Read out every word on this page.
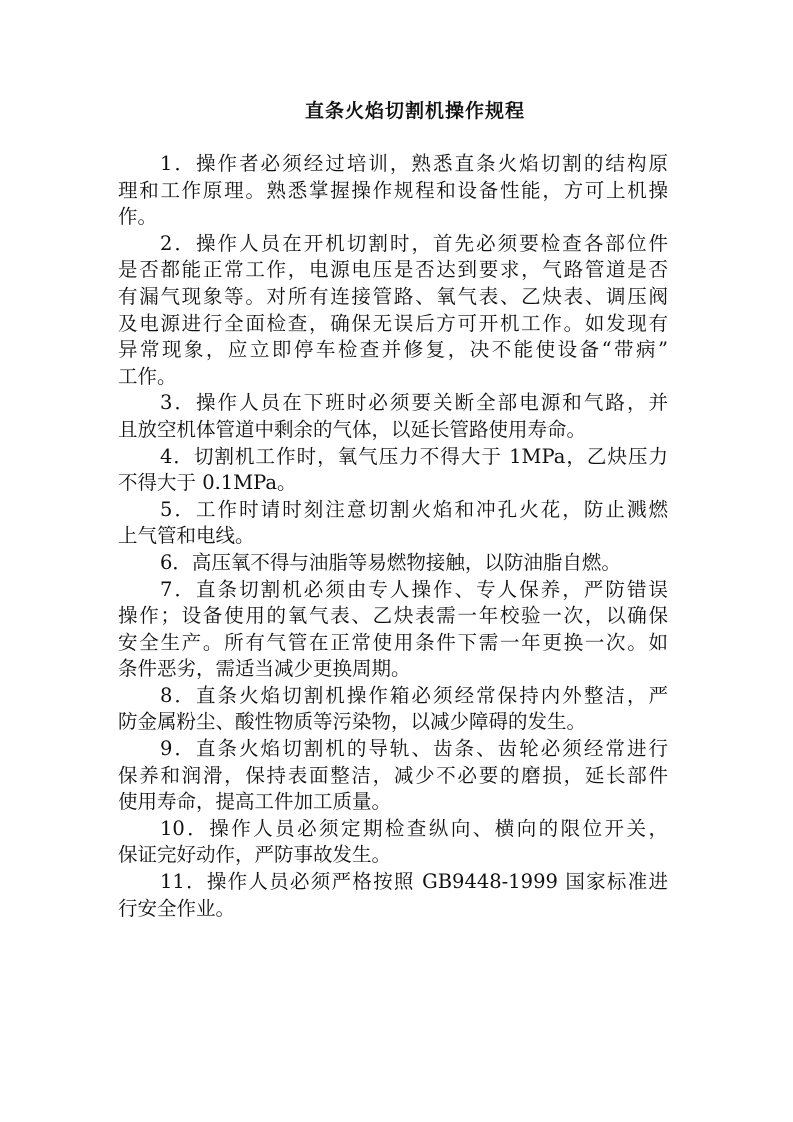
直条火焰切割机操作规程
1．操作者必须经过培训，熟悉直条火焰切割的结构原
理和工作原理。熟悉掌握操作规程和设备性能，方可上机操
作。
2．操作人员在开机切割时，首先必须要检查各部位件
是否都能正常工作，电源电压是否达到要求，气路管道是否
有漏气现象等。对所有连接管路、氧气表、乙炔表、调压阀
及电源进行全面检查，确保无误后方可开机工作。如发现有
异常现象，应立即停车检查并修复，决不能使设备“带病”
工作。
3．操作人员在下班时必须要关断全部电源和气路，并
且放空机体管道中剩余的气体，以延长管路使用寿命。
4．切割机工作时，氧气压力不得大于 1MPa，乙炔压力
不得大于 0.1MPa。
5．工作时请时刻注意切割火焰和冲孔火花，防止溅燃
上气管和电线。
6．高压氧不得与油脂等易燃物接触，以防油脂自燃。
7．直条切割机必须由专人操作、专人保养，严防错误
操作；设备使用的氧气表、乙炔表需一年校验一次，以确保
安全生产。所有气管在正常使用条件下需一年更换一次。如
条件恶劣，需适当减少更换周期。
8．直条火焰切割机操作箱必须经常保持内外整洁，严
防金属粉尘、酸性物质等污染物，以减少障碍的发生。
9．直条火焰切割机的导轨、齿条、齿轮必须经常进行
保养和润滑，保持表面整洁，减少不必要的磨损，延长部件
使用寿命，提高工件加工质量。
10．操作人员必须定期检查纵向、横向的限位开关，
保证完好动作，严防事故发生。
11．操作人员必须严格按照 GB9448-1999 国家标准进
行安全作业。
